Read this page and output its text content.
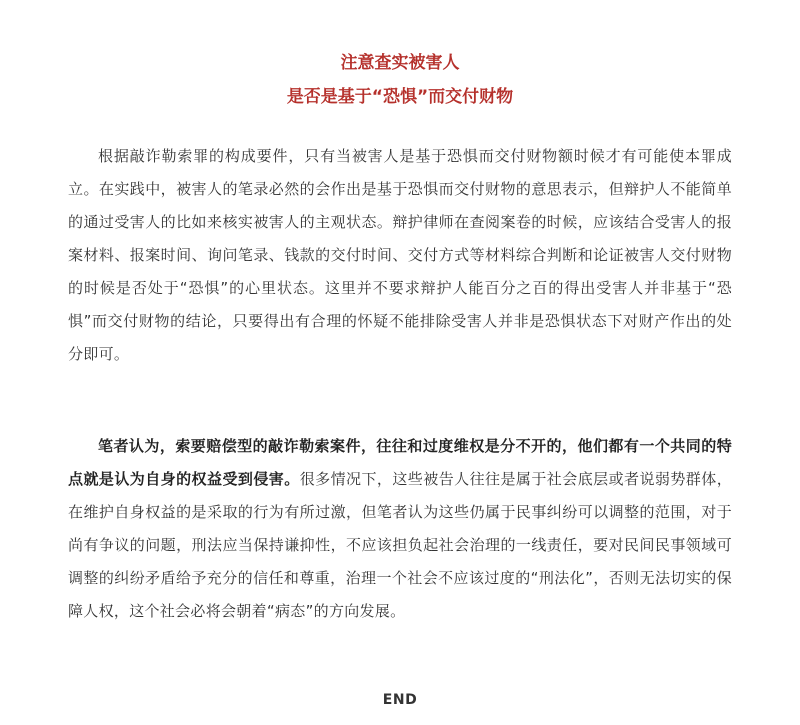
注意查实被害人

是否是基于“恐惧”而交付财物

根据敲诈勒索罪的构成要件，只有当被害人是基于恐惧而交付财物额时候才有可能使本罪成立。在实践中，被害人的笔录必然的会作出是基于恐惧而交付财物的意思表示，但辩护人不能简单的通过受害人的比如来核实被害人的主观状态。辩护律师在查阅案卷的时候，应该结合受害人的报案材料、报案时间、询问笔录、钱款的交付时间、交付方式等材料综合判断和论证被害人交付财物的时候是否处于“恐惧”的心里状态。这里并不要求辩护人能百分之百的得出受害人并非基于“恐惧”而交付财物的结论，只要得出有合理的怀疑不能排除受害人并非是恐惧状态下对财产作出的处分即可。

笔者认为，索要赔偿型的敲诈勒索案件，往往和过度维权是分不开的，他们都有一个共同的特点就是认为自身的权益受到侵害。很多情况下，这些被告人往往是属于社会底层或者说弱势群体，在维护自身权益的是采取的行为有所过激，但笔者认为这些仍属于民事纠纷可以调整的范围，对于尚有争议的问题，刑法应当保持谦抑性，不应该担负起社会治理的一线责任，要对民间民事领域可调整的纠纷矛盾给予充分的信任和尊重，治理一个社会不应该过度的“刑法化”，否则无法切实的保障人权，这个社会必将会朝着“病态”的方向发展。

END
